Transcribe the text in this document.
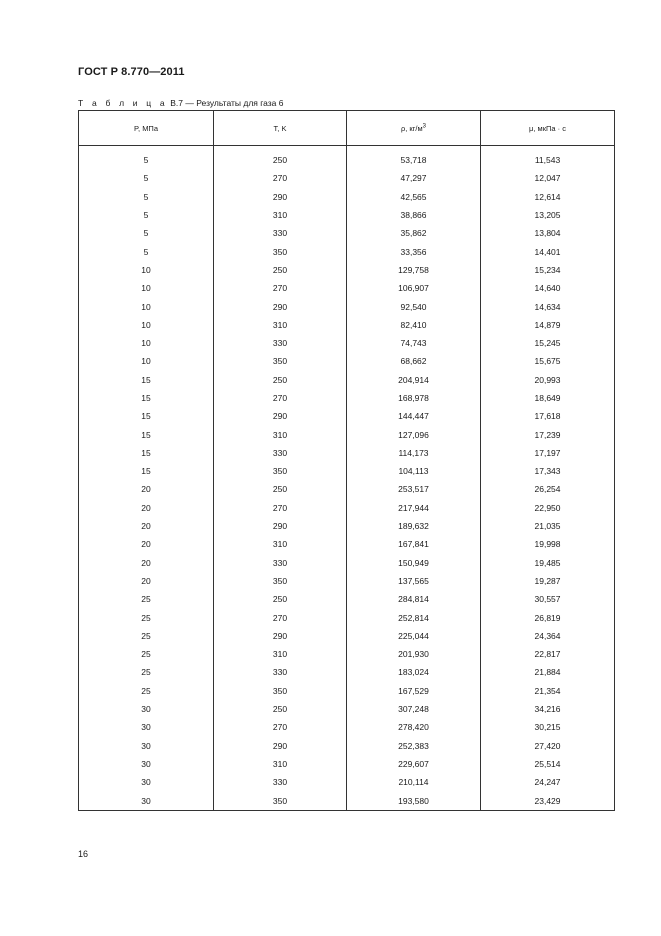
ГОСТ Р 8.770—2011
Т а б л и ц а В.7 — Результаты для газа 6
P, МПа	T, K	ρ, $кг/м^3$	μ, мкПа · с

5	250	53,718	11,543
5	270	47,297	12,047
5	290	42,565	12,614
5	310	38,866	13,205
5	330	35,862	13,804
5	350	33,356	14,401
10	250	129,758	15,234
10	270	106,907	14,640
10	290	92,540	14,634
10	310	82,410	14,879
10	330	74,743	15,245
10	350	68,662	15,675
15	250	204,914	20,993
15	270	168,978	18,649
15	290	144,447	17,618
15	310	127,096	17,239
15	330	114,173	17,197
15	350	104,113	17,343
20	250	253,517	26,254
20	270	217,944	22,950
20	290	189,632	21,035
20	310	167,841	19,998
20	330	150,949	19,485
20	350	137,565	19,287
25	250	284,814	30,557
25	270	252,814	26,819
25	290	225,044	24,364
25	310	201,930	22,817
25	330	183,024	21,884
25	350	167,529	21,354
30	250	307,248	34,216
30	270	278,420	30,215
30	290	252,383	27,420
30	310	229,607	25,514
30	330	210,114	24,247
30	350	193,580	23,429
16
